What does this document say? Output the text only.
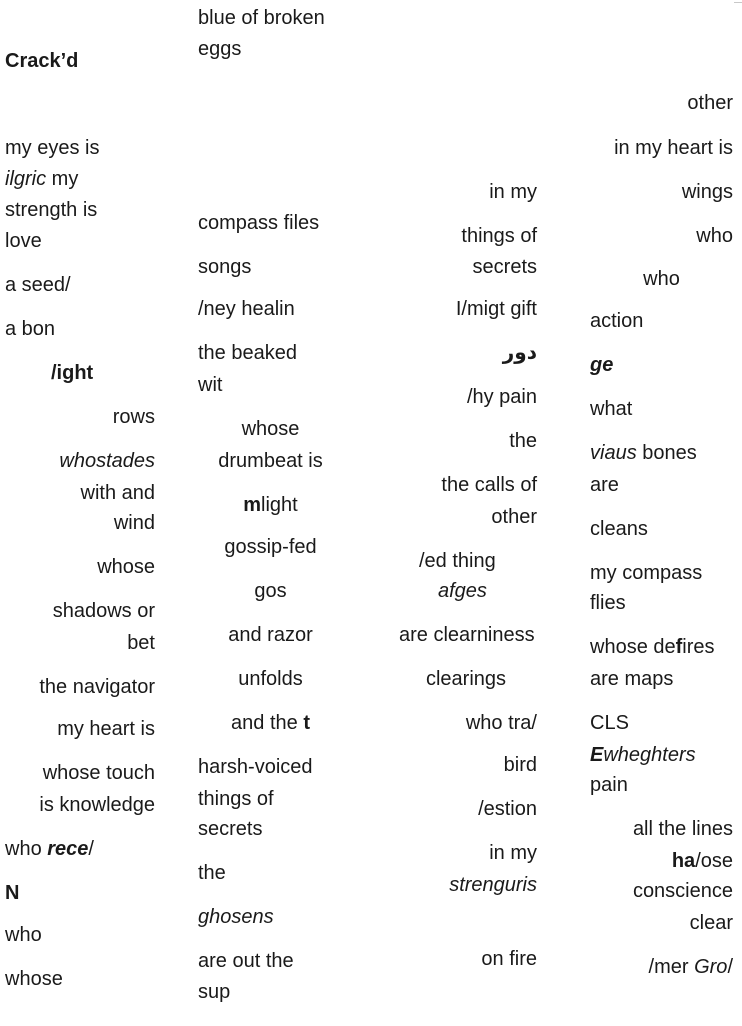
Crack’d
my eyes is
ilgric my
strength is
love
a seed/
a bon
/ight
rows
whostades
with and
wind
whose
shadows or
bet
the navigator
my heart is
whose touch
is knowledge
who rece/
N
who
whose
blue of broken
eggs
compass files
songs
/ney healin
the beaked
wit
whose
drumbeat is
mlight
gossip-fed
gos
and razor
unfolds
and the t
harsh-voiced
things of
secrets
the
ghosens
are out the
sup
in my
things of
secrets
I/migt gift
دور
/hy pain
the
the calls of
other
/ed thing
afges
are clearniness
clearings
who tra/
bird
/estion
in my
strenguris
on fire
other
in my heart is
wings
who
who
action
ge
what
viaus bones
are
cleans
my compass
flies
whose defires
are maps
CLS
Ewheghters
pain
all the lines
ha/ose
conscience
clear
/mer Gro/
